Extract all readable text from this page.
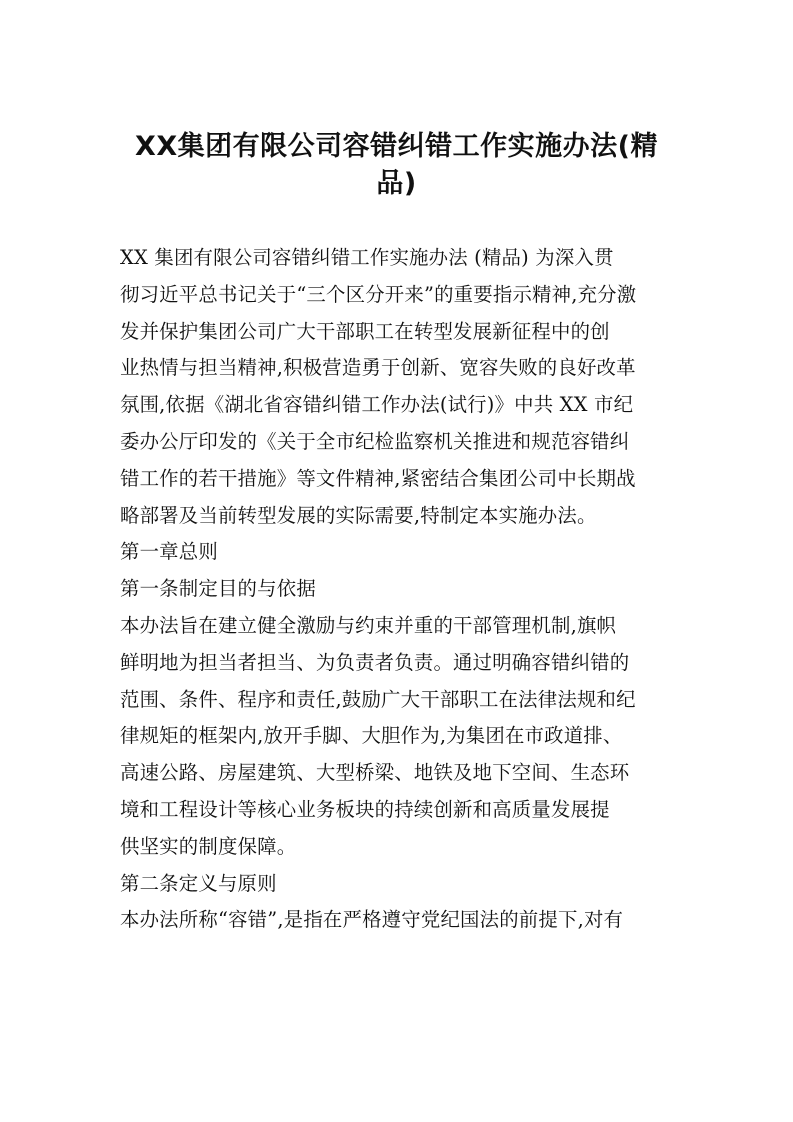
XX集团有限公司容错纠错工作实施办法(精
品)
XX 集团有限公司容错纠错工作实施办法 (精品) 为深入贯
彻习近平总书记关于“三个区分开来”的重要指示精神,充分激
发并保护集团公司广大干部职工在转型发展新征程中的创
业热情与担当精神,积极营造勇于创新、宽容失败的良好改革
氛围,依据《湖北省容错纠错工作办法(试行)》中共 XX 市纪
委办公厅印发的《关于全市纪检监察机关推进和规范容错纠
错工作的若干措施》等文件精神,紧密结合集团公司中长期战
略部署及当前转型发展的实际需要,特制定本实施办法。
第一章总则
第一条制定目的与依据
本办法旨在建立健全激励与约束并重的干部管理机制,旗帜
鲜明地为担当者担当、为负责者负责。通过明确容错纠错的
范围、条件、程序和责任,鼓励广大干部职工在法律法规和纪
律规矩的框架内,放开手脚、大胆作为,为集团在市政道排、
高速公路、房屋建筑、大型桥梁、地铁及地下空间、生态环
境和工程设计等核心业务板块的持续创新和高质量发展提
供坚实的制度保障。
第二条定义与原则
本办法所称“容错”,是指在严格遵守党纪国法的前提下,对有
